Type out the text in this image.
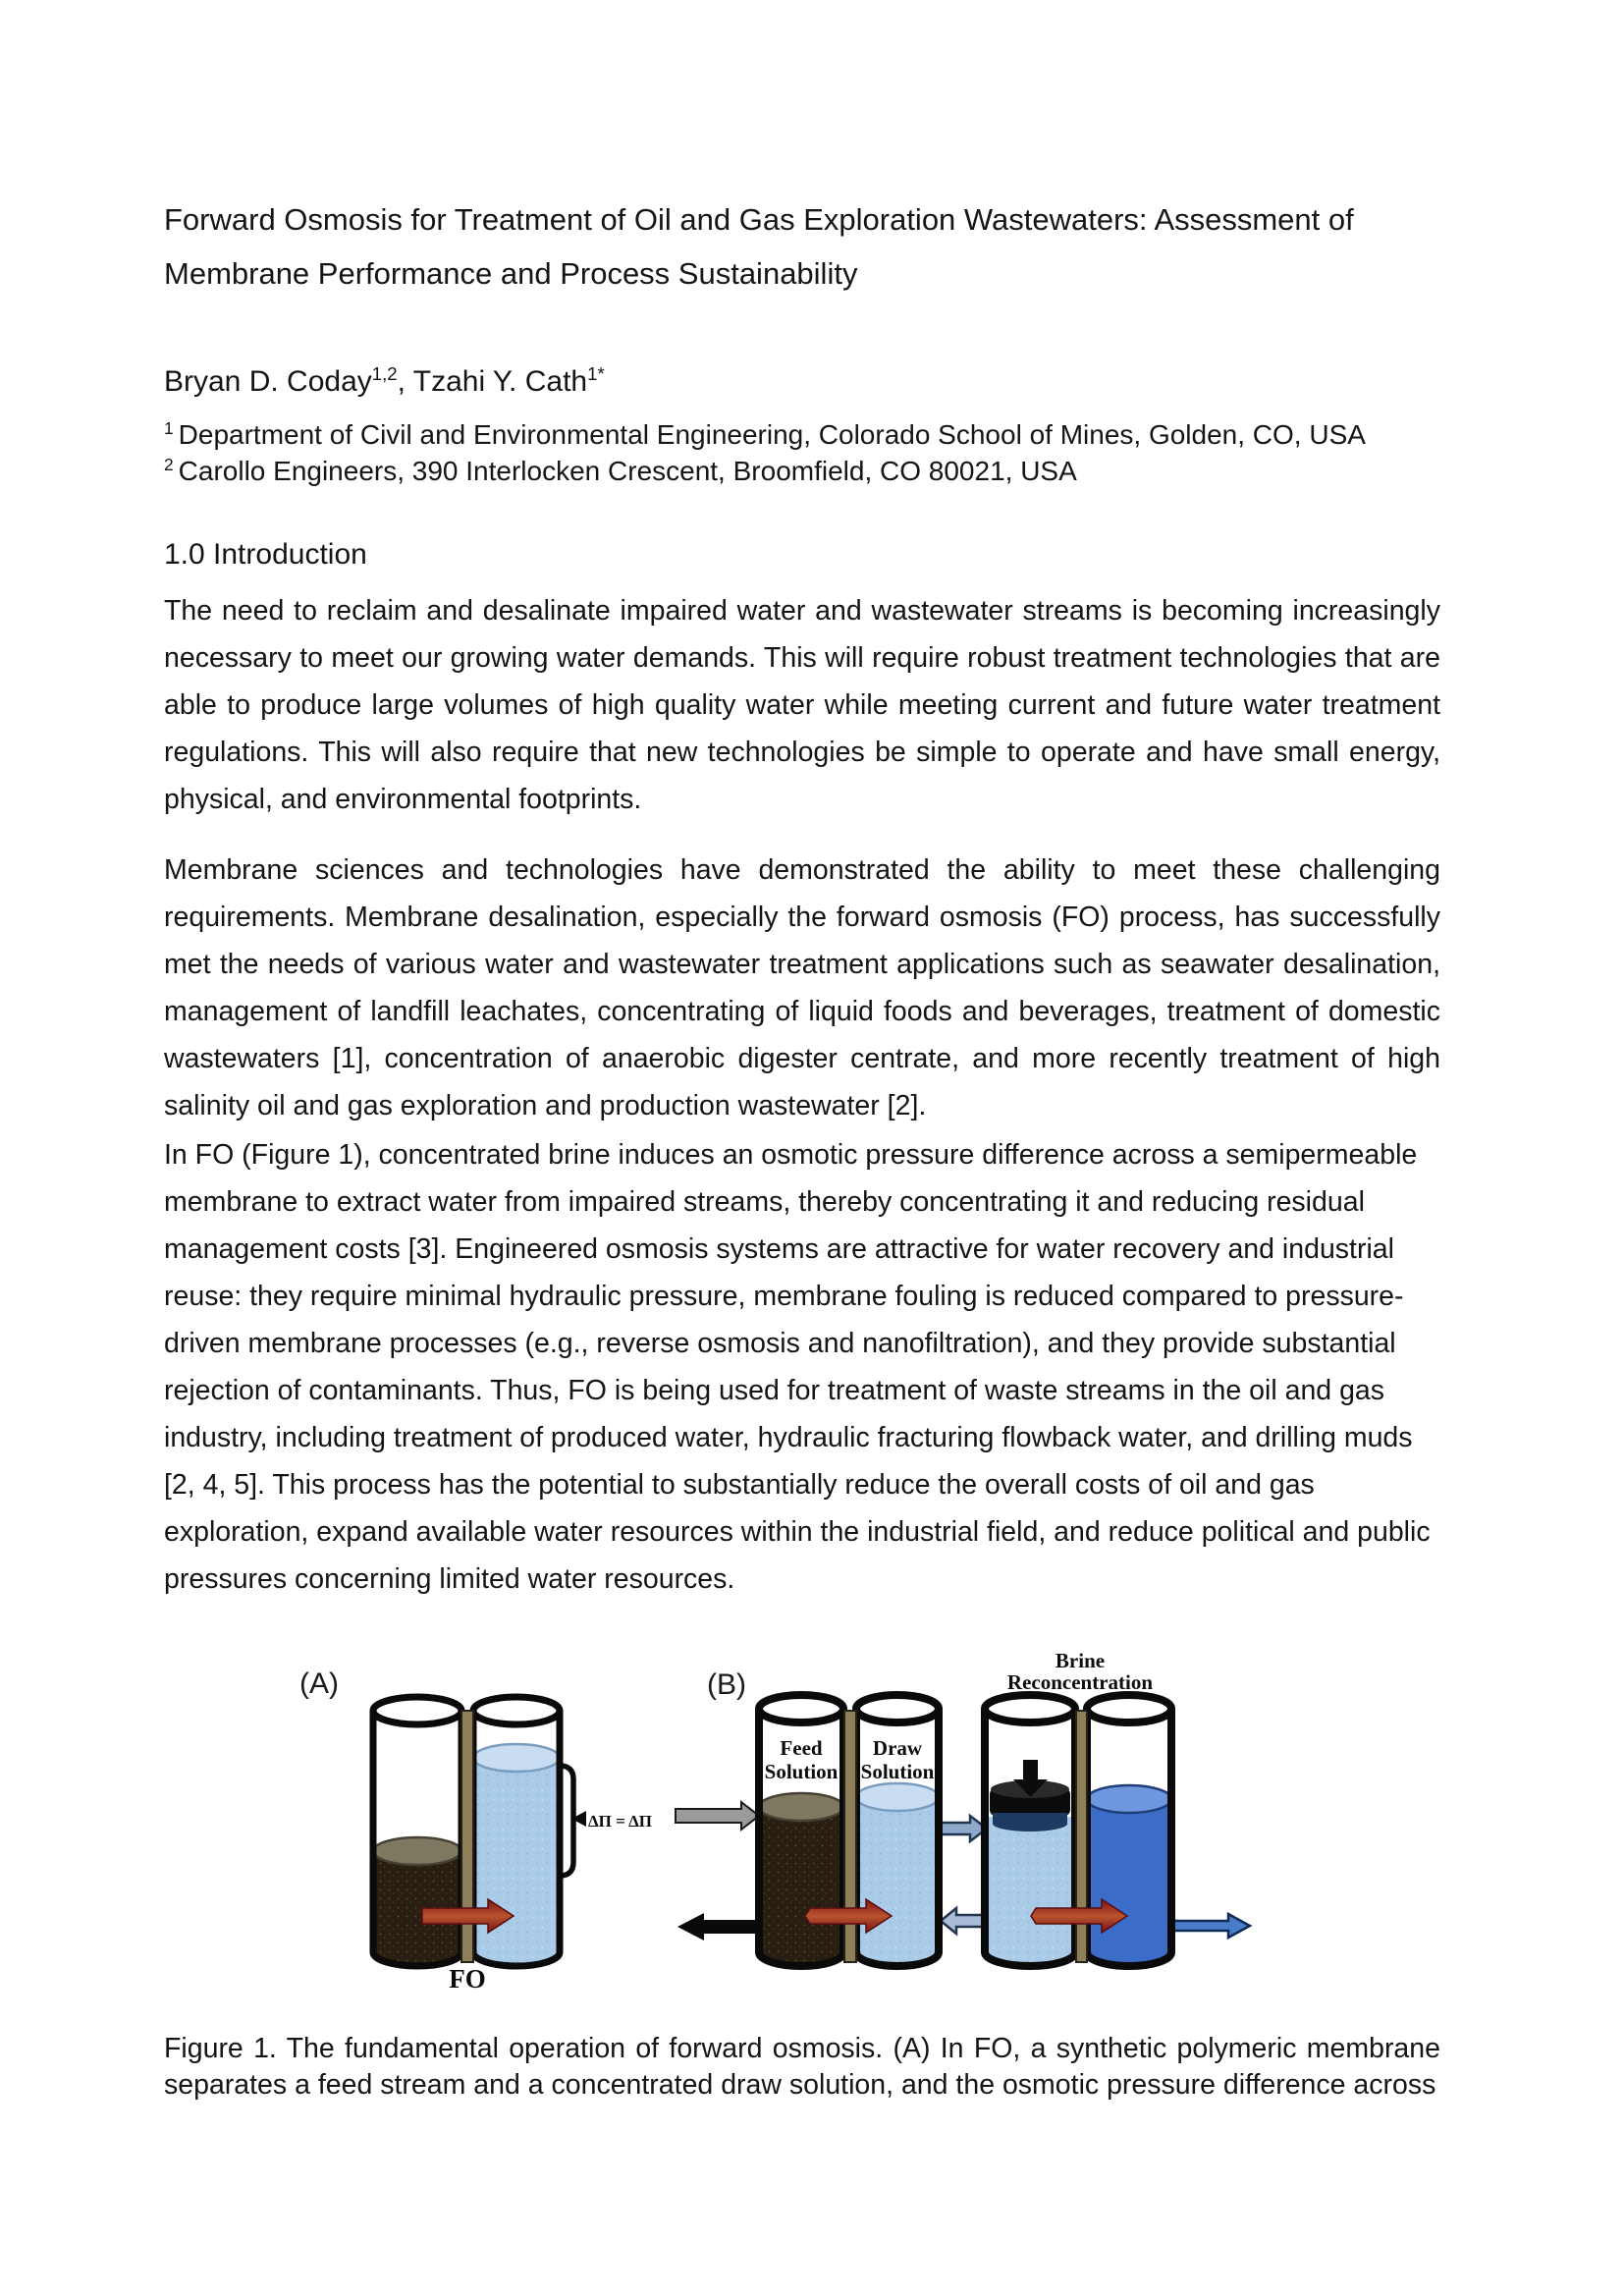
Forward Osmosis for Treatment of Oil and Gas Exploration Wastewaters: Assessment of
Membrane Performance and Process Sustainability
Bryan D. Coday$^{1,2}$, Tzahi Y. Cath$^{1*}$
$^1$ Department of Civil and Environmental Engineering, Colorado School of Mines, Golden, CO, USA
$^2$ Carollo Engineers, 390 Interlocken Crescent, Broomfield, CO 80021, USA
1.0 Introduction
The need to reclaim and desalinate impaired water and wastewater streams is becoming increasingly necessary to meet our growing water demands. This will require robust treatment technologies that are able to produce large volumes of high quality water while meeting current and future water treatment regulations. This will also require that new technologies be simple to operate and have small energy, physical, and environmental footprints.
Membrane sciences and technologies have demonstrated the ability to meet these challenging requirements. Membrane desalination, especially the forward osmosis (FO) process, has successfully met the needs of various water and wastewater treatment applications such as seawater desalination, management of landfill leachates, concentrating of liquid foods and beverages, treatment of domestic wastewaters [1], concentration of anaerobic digester centrate, and more recently treatment of high salinity oil and gas exploration and production wastewater [2].
In FO (Figure 1), concentrated brine induces an osmotic pressure difference across a semipermeable membrane to extract water from impaired streams, thereby concentrating it and reducing residual management costs [3]. Engineered osmosis systems are attractive for water recovery and industrial reuse: they require minimal hydraulic pressure, membrane fouling is reduced compared to pressure-driven membrane processes (e.g., reverse osmosis and nanofiltration), and they provide substantial rejection of contaminants. Thus, FO is being used for treatment of waste streams in the oil and gas industry, including treatment of produced water, hydraulic fracturing flowback water, and drilling muds [2, 4, 5]. This process has the potential to substantially reduce the overall costs of oil and gas exploration, expand available water resources within the industrial field, and reduce political and public pressures concerning limited water resources.
(A)
ΔΠ = ΔΠ
FO
(B)
Brine
Reconcentration
Feed
Solution
Draw
Solution
Figure 1. The fundamental operation of forward osmosis. (A) In FO, a synthetic polymeric membrane separates a feed stream and a concentrated draw solution, and the osmotic pressure difference across
